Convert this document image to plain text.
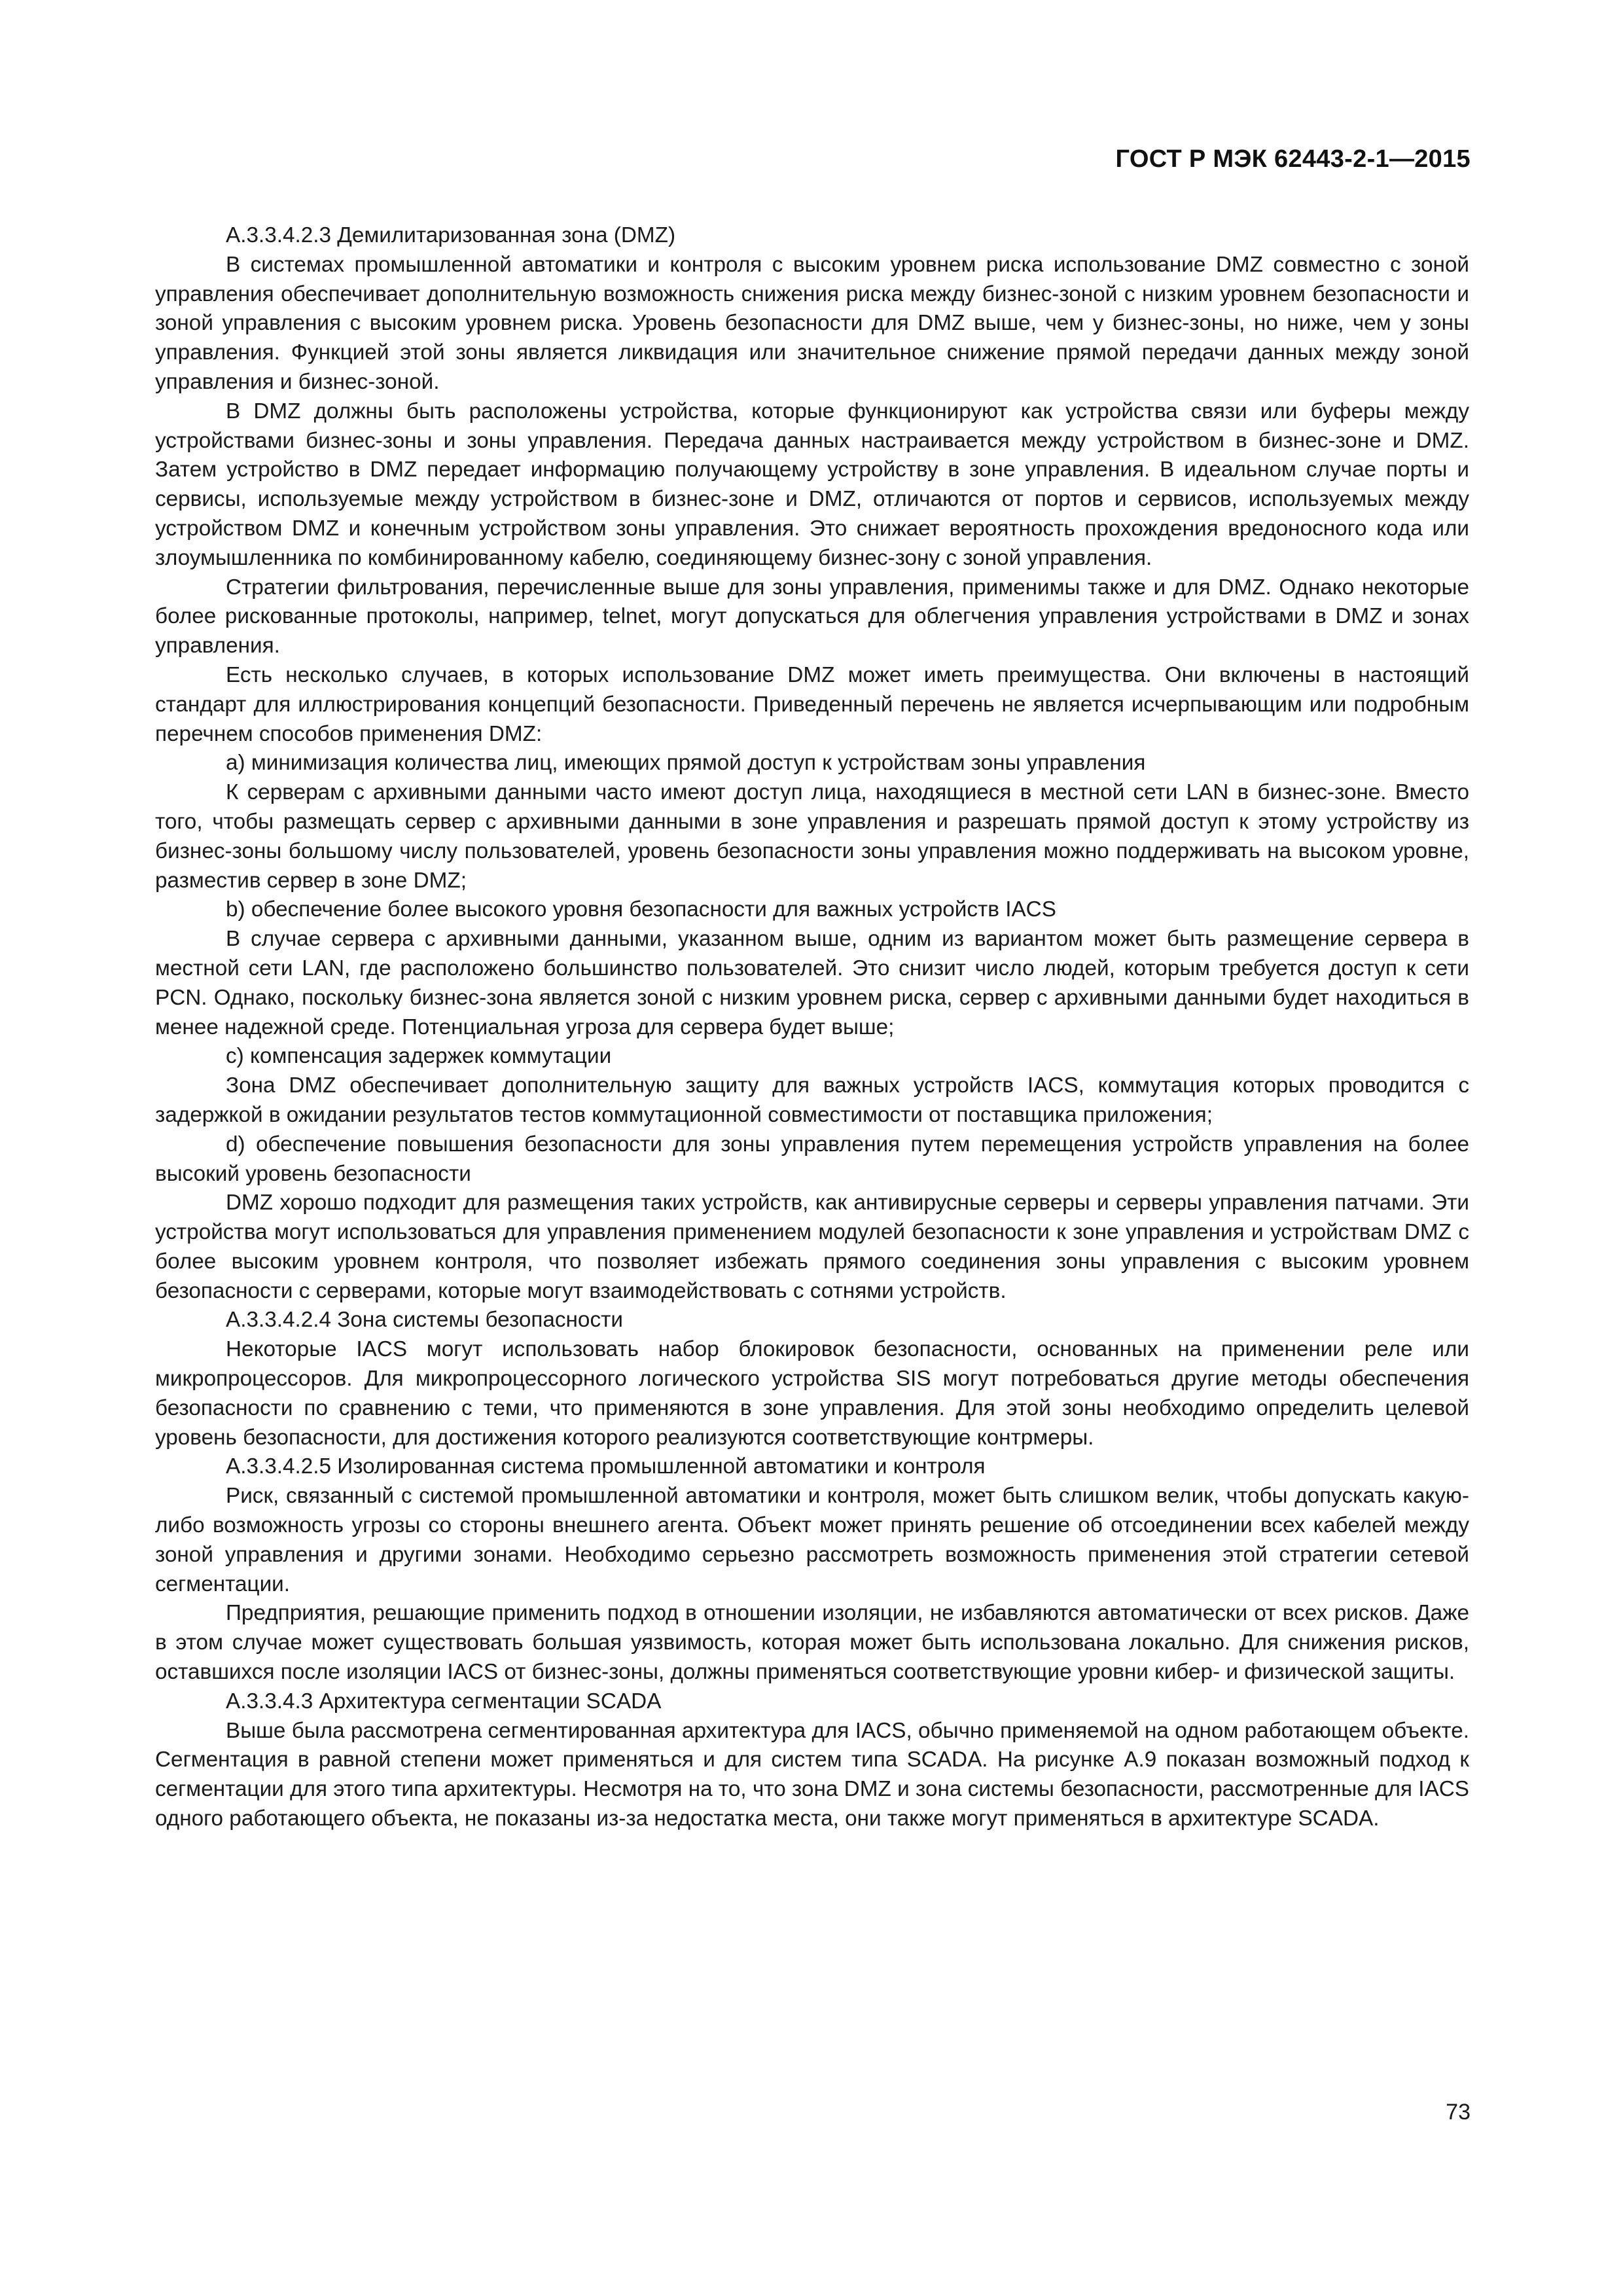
ГОСТ Р МЭК 62443-2-1—2015

А.3.3.4.2.3 Демилитаризованная зона (DMZ)

В системах промышленной автоматики и контроля с высоким уровнем риска использование DMZ совместно с зоной управления обеспечивает дополнительную возможность снижения риска между бизнес-зоной с низким уровнем безопасности и зоной управления с высоким уровнем риска. Уровень безопасности для DMZ выше, чем у бизнес-зоны, но ниже, чем у зоны управления. Функцией этой зоны является ликвидация или значительное снижение прямой передачи данных между зоной управления и бизнес-зоной.

В DMZ должны быть расположены устройства, которые функционируют как устройства связи или буферы между устройствами бизнес-зоны и зоны управления. Передача данных настраивается между устройством в бизнес-зоне и DMZ. Затем устройство в DMZ передает информацию получающему устройству в зоне управления. В идеальном случае порты и сервисы, используемые между устройством в бизнес-зоне и DMZ, отличаются от портов и сервисов, используемых между устройством DMZ и конечным устройством зоны управления. Это снижает вероятность прохождения вредоносного кода или злоумышленника по комбинированному кабелю, соединяющему бизнес-зону с зоной управления.

Стратегии фильтрования, перечисленные выше для зоны управления, применимы также и для DMZ. Однако некоторые более рискованные протоколы, например, telnet, могут допускаться для облегчения управления устройствами в DMZ и зонах управления.

Есть несколько случаев, в которых использование DMZ может иметь преимущества. Они включены в настоящий стандарт для иллюстрирования концепций безопасности. Приведенный перечень не является исчерпывающим или подробным перечнем способов применения DMZ:

a) минимизация количества лиц, имеющих прямой доступ к устройствам зоны управления

К серверам с архивными данными часто имеют доступ лица, находящиеся в местной сети LAN в бизнес-зоне. Вместо того, чтобы размещать сервер с архивными данными в зоне управления и разрешать прямой доступ к этому устройству из бизнес-зоны большому числу пользователей, уровень безопасности зоны управления можно поддерживать на высоком уровне, разместив сервер в зоне DMZ;

b) обеспечение более высокого уровня безопасности для важных устройств IACS

В случае сервера с архивными данными, указанном выше, одним из вариантом может быть размещение сервера в местной сети LAN, где расположено большинство пользователей. Это снизит число людей, которым требуется доступ к сети PCN. Однако, поскольку бизнес-зона является зоной с низким уровнем риска, сервер с архивными данными будет находиться в менее надежной среде. Потенциальная угроза для сервера будет выше;

c) компенсация задержек коммутации

Зона DMZ обеспечивает дополнительную защиту для важных устройств IACS, коммутация которых проводится с задержкой в ожидании результатов тестов коммутационной совместимости от поставщика приложения;

d) обеспечение повышения безопасности для зоны управления путем перемещения устройств управления на более высокий уровень безопасности

DMZ хорошо подходит для размещения таких устройств, как антивирусные серверы и серверы управления патчами. Эти устройства могут использоваться для управления применением модулей безопасности к зоне управления и устройствам DMZ с более высоким уровнем контроля, что позволяет избежать прямого соединения зоны управления с высоким уровнем безопасности с серверами, которые могут взаимодействовать с сотнями устройств.

А.3.3.4.2.4 Зона системы безопасности

Некоторые IACS могут использовать набор блокировок безопасности, основанных на применении реле или микропроцессоров. Для микропроцессорного логического устройства SIS могут потребоваться другие методы обеспечения безопасности по сравнению с теми, что применяются в зоне управления. Для этой зоны необходимо определить целевой уровень безопасности, для достижения которого реализуются соответствующие контрмеры.

А.3.3.4.2.5 Изолированная система промышленной автоматики и контроля

Риск, связанный с системой промышленной автоматики и контроля, может быть слишком велик, чтобы допускать какую-либо возможность угрозы со стороны внешнего агента. Объект может принять решение об отсоединении всех кабелей между зоной управления и другими зонами. Необходимо серьезно рассмотреть возможность применения этой стратегии сетевой сегментации.

Предприятия, решающие применить подход в отношении изоляции, не избавляются автоматически от всех рисков. Даже в этом случае может существовать большая уязвимость, которая может быть использована локально. Для снижения рисков, оставшихся после изоляции IACS от бизнес-зоны, должны применяться соответствующие уровни кибер- и физической защиты.

А.3.3.4.3 Архитектура сегментации SCADA

Выше была рассмотрена сегментированная архитектура для IACS, обычно применяемой на одном работающем объекте. Сегментация в равной степени может применяться и для систем типа SCADA. На рисунке А.9 показан возможный подход к сегментации для этого типа архитектуры. Несмотря на то, что зона DMZ и зона системы безопасности, рассмотренные для IACS одного работающего объекта, не показаны из-за недостатка места, они также могут применяться в архитектуре SCADA.

73
